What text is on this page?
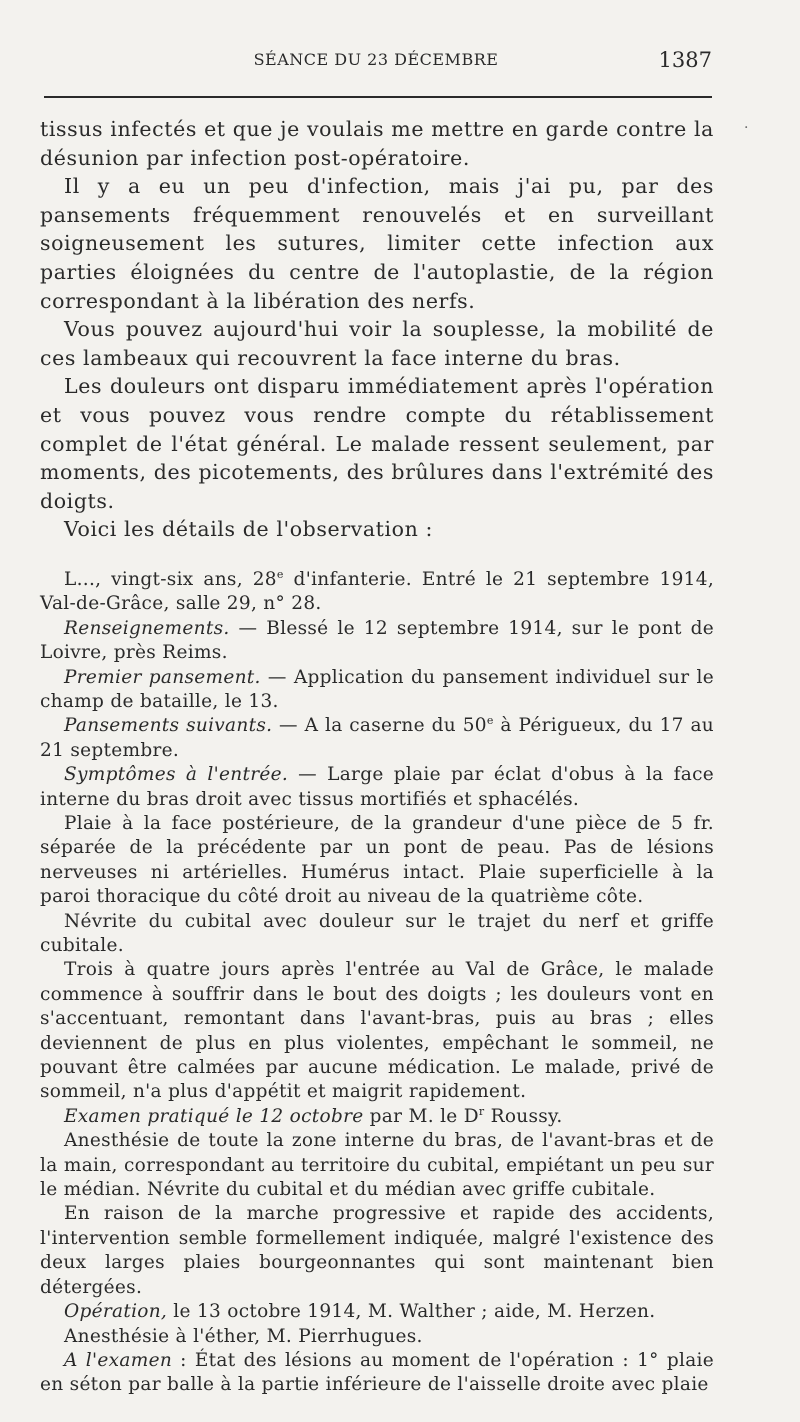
SÉANCE DU 23 DÉCEMBRE	1387
·

tissus infectés et que je voulais me mettre en garde contre la désunion par infection post-opératoire.

Il y a eu un peu d'infection, mais j'ai pu, par des pansements fréquemment renouvelés et en surveillant soigneusement les sutures, limiter cette infection aux parties éloignées du centre de l'autoplastie, de la région correspondant à la libération des nerfs.

Vous pouvez aujourd'hui voir la souplesse, la mobilité de ces lambeaux qui recouvrent la face interne du bras.

Les douleurs ont disparu immédiatement après l'opération et vous pouvez vous rendre compte du rétablissement complet de l'état général. Le malade ressent seulement, par moments, des picotements, des brûlures dans l'extrémité des doigts.

Voici les détails de l'observation :

L..., vingt-six ans, 28e d'infanterie. Entré le 21 septembre 1914, Val-de-Grâce, salle 29, n° 28.

Renseignements. — Blessé le 12 septembre 1914, sur le pont de Loivre, près Reims.

Premier pansement. — Application du pansement individuel sur le champ de bataille, le 13.

Pansements suivants. — A la caserne du 50e à Périgueux, du 17 au 21 septembre.

Symptômes à l'entrée. — Large plaie par éclat d'obus à la face interne du bras droit avec tissus mortifiés et sphacélés.

Plaie à la face postérieure, de la grandeur d'une pièce de 5 fr. séparée de la précédente par un pont de peau. Pas de lésions nerveuses ni artérielles. Humérus intact. Plaie superficielle à la paroi thoracique du côté droit au niveau de la quatrième côte.

Névrite du cubital avec douleur sur le trajet du nerf et griffe cubitale.

Trois à quatre jours après l'entrée au Val de Grâce, le malade commence à souffrir dans le bout des doigts ; les douleurs vont en s'accentuant, remontant dans l'avant-bras, puis au bras ; elles deviennent de plus en plus violentes, empêchant le sommeil, ne pouvant être calmées par aucune médication. Le malade, privé de sommeil, n'a plus d'appétit et maigrit rapidement.

Examen pratiqué le 12 octobre par M. le $D^r$ Roussy.

Anesthésie de toute la zone interne du bras, de l'avant-bras et de la main, correspondant au territoire du cubital, empiétant un peu sur le médian. Névrite du cubital et du médian avec griffe cubitale.

En raison de la marche progressive et rapide des accidents, l'intervention semble formellement indiquée, malgré l'existence des deux larges plaies bourgeonnantes qui sont maintenant bien détergées.

Opération, le 13 octobre 1914, M. Walther ; aide, M. Herzen.

Anesthésie à l'éther, M. Pierrhugues.

A l'examen : État des lésions au moment de l'opération : 1° plaie en séton par balle à la partie inférieure de l'aisselle droite avec plaie
